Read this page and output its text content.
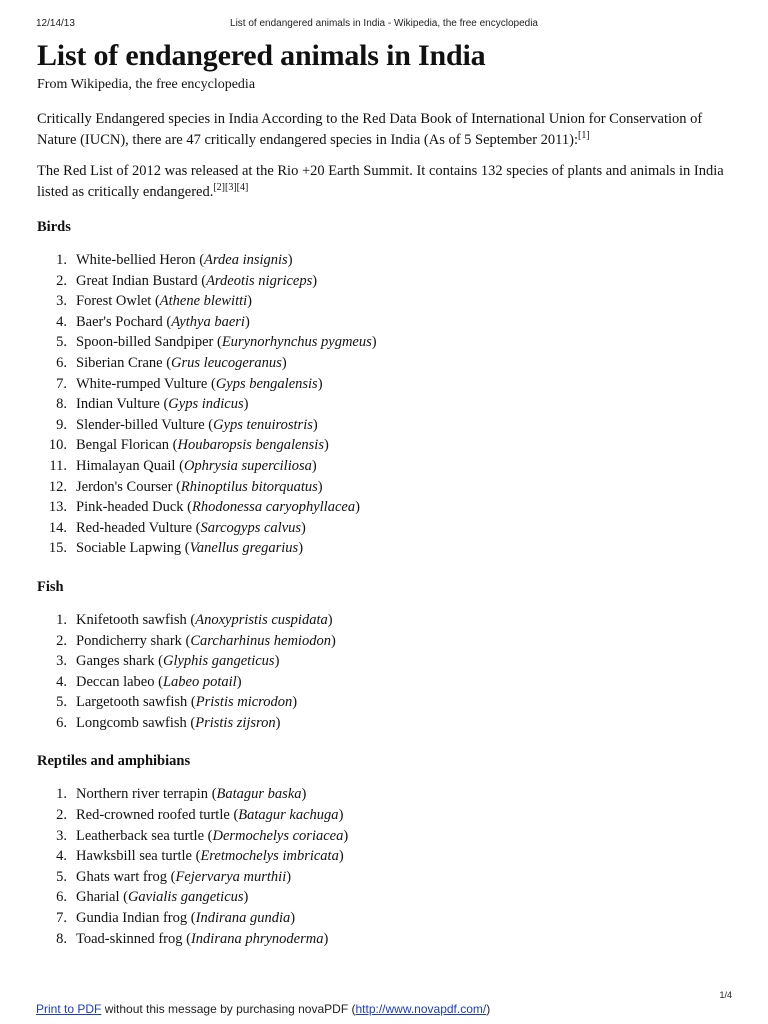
12/14/13	List of endangered animals in India - Wikipedia, the free encyclopedia
List of endangered animals in India
From Wikipedia, the free encyclopedia

Critically Endangered species in India According to the Red Data Book of International Union for Conservation of Nature (IUCN), there are 47 critically endangered species in India (As of 5 September 2011):[1]

The Red List of 2012 was released at the Rio +20 Earth Summit. It contains 132 species of plants and animals in India listed as critically endangered.[2][3][4]

Birds
1. White-bellied Heron (Ardea insignis)
2. Great Indian Bustard (Ardeotis nigriceps)
3. Forest Owlet (Athene blewitti)
4. Baer's Pochard (Aythya baeri)
5. Spoon-billed Sandpiper (Eurynorhynchus pygmeus)
6. Siberian Crane (Grus leucogeranus)
7. White-rumped Vulture (Gyps bengalensis)
8. Indian Vulture (Gyps indicus)
9. Slender-billed Vulture (Gyps tenuirostris)
10. Bengal Florican (Houbaropsis bengalensis)
11. Himalayan Quail (Ophrysia superciliosa)
12. Jerdon's Courser (Rhinoptilus bitorquatus)
13. Pink-headed Duck (Rhodonessa caryophyllacea)
14. Red-headed Vulture (Sarcogyps calvus)
15. Sociable Lapwing (Vanellus gregarius)
Fish
1. Knifetooth sawfish (Anoxypristis cuspidata)
2. Pondicherry shark (Carcharhinus hemiodon)
3. Ganges shark (Glyphis gangeticus)
4. Deccan labeo (Labeo potail)
5. Largetooth sawfish (Pristis microdon)
6. Longcomb sawfish (Pristis zijsron)
Reptiles and amphibians
1. Northern river terrapin (Batagur baska)
2. Red-crowned roofed turtle (Batagur kachuga)
3. Leatherback sea turtle (Dermochelys coriacea)
4. Hawksbill sea turtle (Eretmochelys imbricata)
5. Ghats wart frog (Fejervarya murthii)
6. Gharial (Gavialis gangeticus)
7. Gundia Indian frog (Indirana gundia)
8. Toad-skinned frog (Indirana phrynoderma)
1/4
Print to PDF without this message by purchasing novaPDF (http://www.novapdf.com/)
